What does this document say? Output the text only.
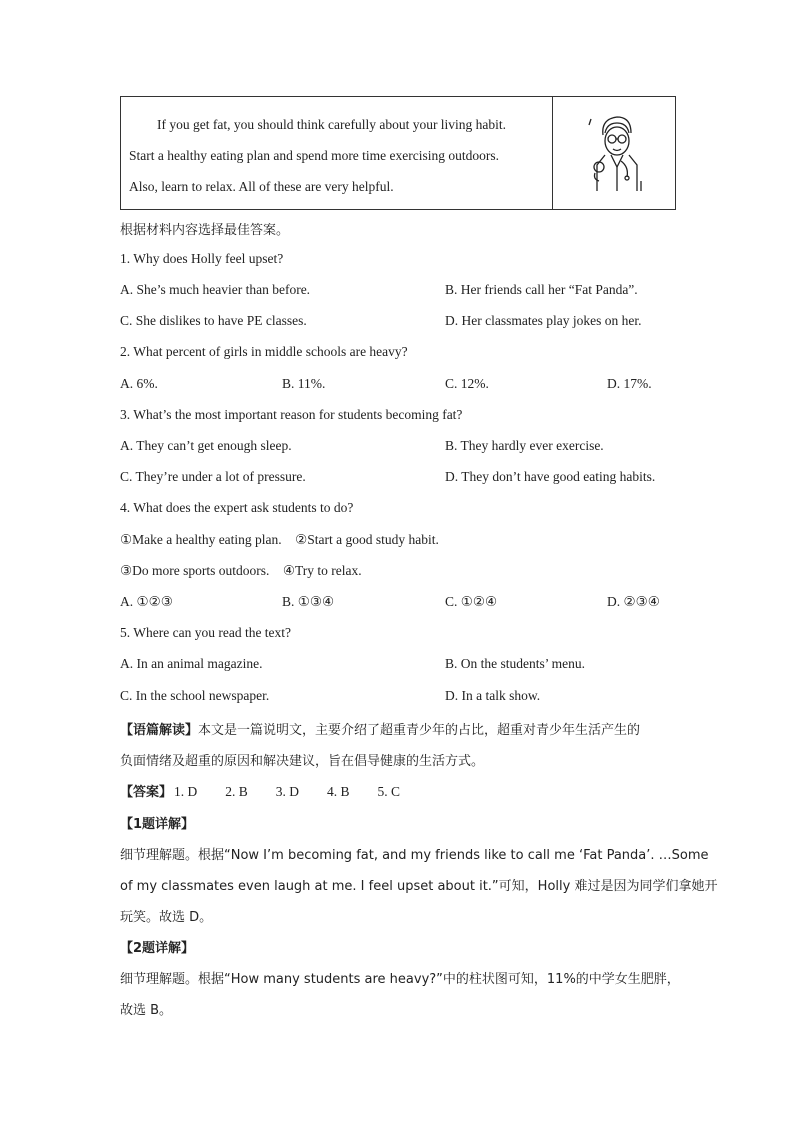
If you get fat, you should think carefully about your living habit.

Start a healthy eating plan and spend more time exercising outdoors.

Also, learn to relax. All of these are very helpful.

根据材料内容选择最佳答案。
1. Why does Holly feel upset?
A. She’s much heavier than before.	B. Her friends call her “Fat Panda”.
C. She dislikes to have PE classes.	D. Her classmates play jokes on her.
2. What percent of girls in middle schools are heavy?
A. 6%.	B. 11%.	C. 12%.	D. 17%.
3. What’s the most important reason for students becoming fat?
A. They can’t get enough sleep.	B. They hardly ever exercise.
C. They’re under a lot of pressure.	D. They don’t have good eating habits.
4. What does the expert ask students to do?
①Make a healthy eating plan.    ②Start a good study habit.
③Do more sports outdoors.    ④Try to relax.
A. ①②③	B. ①③④	C. ①②④	D. ②③④
5. Where can you read the text?
A. In an animal magazine.	B. On the students’ menu.
C. In the school newspaper.	D. In a talk show.
【语篇解读】本文是一篇说明文，主要介绍了超重青少年的占比，超重对青少年生活产生的
负面情绪及超重的原因和解决建议，旨在倡导健康的生活方式。
【答案】 1. D 2. B 3. D 4. B 5. C
【1题详解】
细节理解题。根据“Now I’m becoming fat, and my friends like to call me ‘Fat Panda’. …Some
of my classmates even laugh at me. I feel upset about it.”可知，Holly 难过是因为同学们拿她开
玩笑。故选 D。
【2题详解】
细节理解题。根据“How many students are heavy?”中的柱状图可知，11%的中学女生肥胖，
故选 B。
